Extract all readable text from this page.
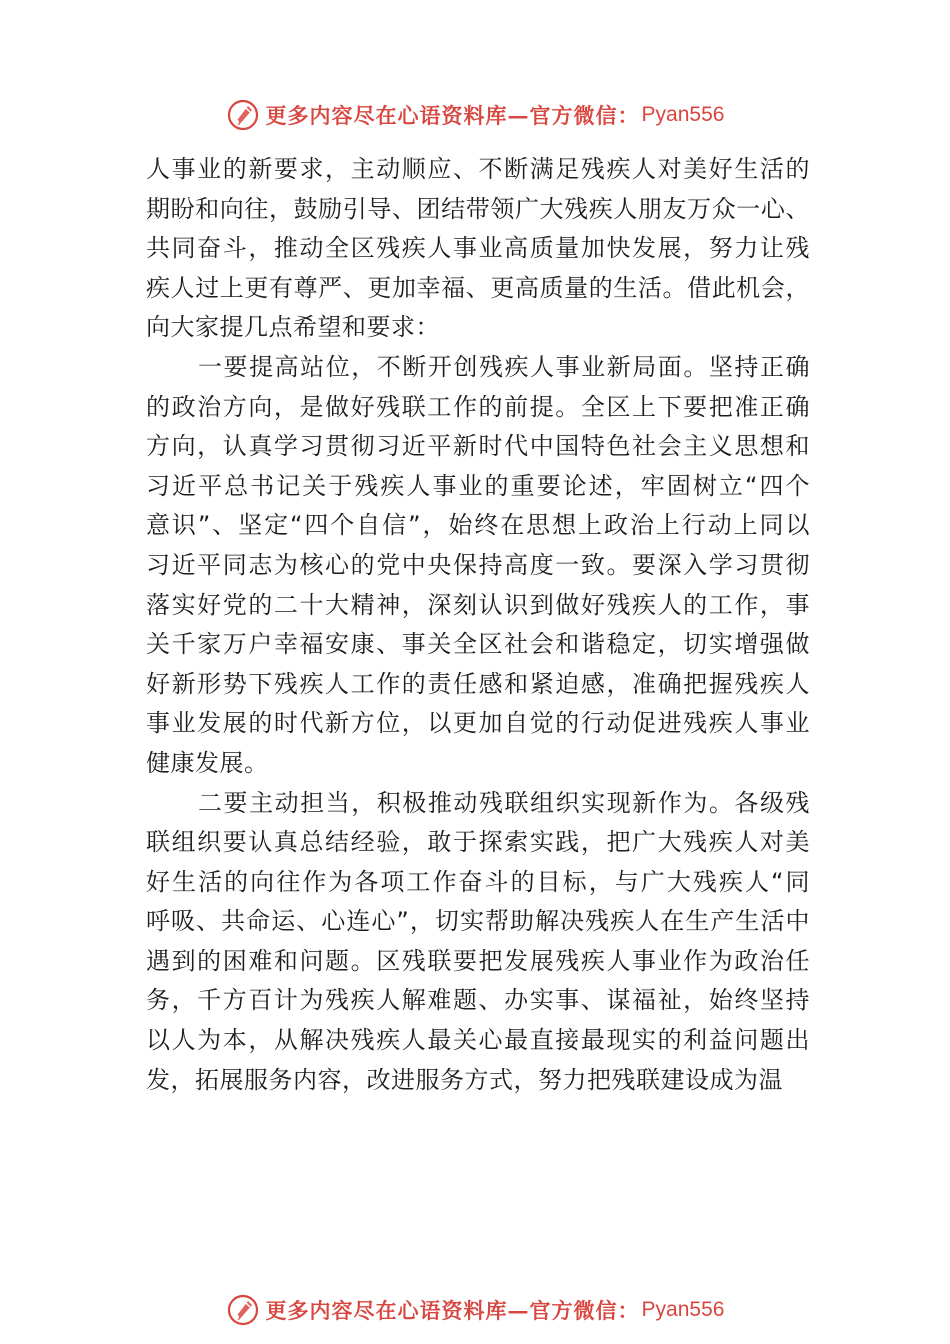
更多内容尽在心语资料库—官方微信： Pyan556
人事业的新要求，主动顺应、不断满足残疾人对美好生活的
期盼和向往，鼓励引导、团结带领广大残疾人朋友万众一心、
共同奋斗，推动全区残疾人事业高质量加快发展，努力让残
疾人过上更有尊严、更加幸福、更高质量的生活。借此机会，
向大家提几点希望和要求：
一要提高站位，不断开创残疾人事业新局面。坚持正确
的政治方向，是做好残联工作的前提。全区上下要把准正确
方向，认真学习贯彻习近平新时代中国特色社会主义思想和
习近平总书记关于残疾人事业的重要论述，牢固树立“四个
意识”、坚定“四个自信”，始终在思想上政治上行动上同以
习近平同志为核心的党中央保持高度一致。要深入学习贯彻
落实好党的二十大精神，深刻认识到做好残疾人的工作，事
关千家万户幸福安康、事关全区社会和谐稳定，切实增强做
好新形势下残疾人工作的责任感和紧迫感，准确把握残疾人
事业发展的时代新方位，以更加自觉的行动促进残疾人事业
健康发展。
二要主动担当，积极推动残联组织实现新作为。各级残
联组织要认真总结经验，敢于探索实践，把广大残疾人对美
好生活的向往作为各项工作奋斗的目标，与广大残疾人“同
呼吸、共命运、心连心”，切实帮助解决残疾人在生产生活中
遇到的困难和问题。区残联要把发展残疾人事业作为政治任
务，千方百计为残疾人解难题、办实事、谋福祉，始终坚持
以人为本，从解决残疾人最关心最直接最现实的利益问题出
发，拓展服务内容，改进服务方式，努力把残联建设成为温
更多内容尽在心语资料库—官方微信： Pyan556
